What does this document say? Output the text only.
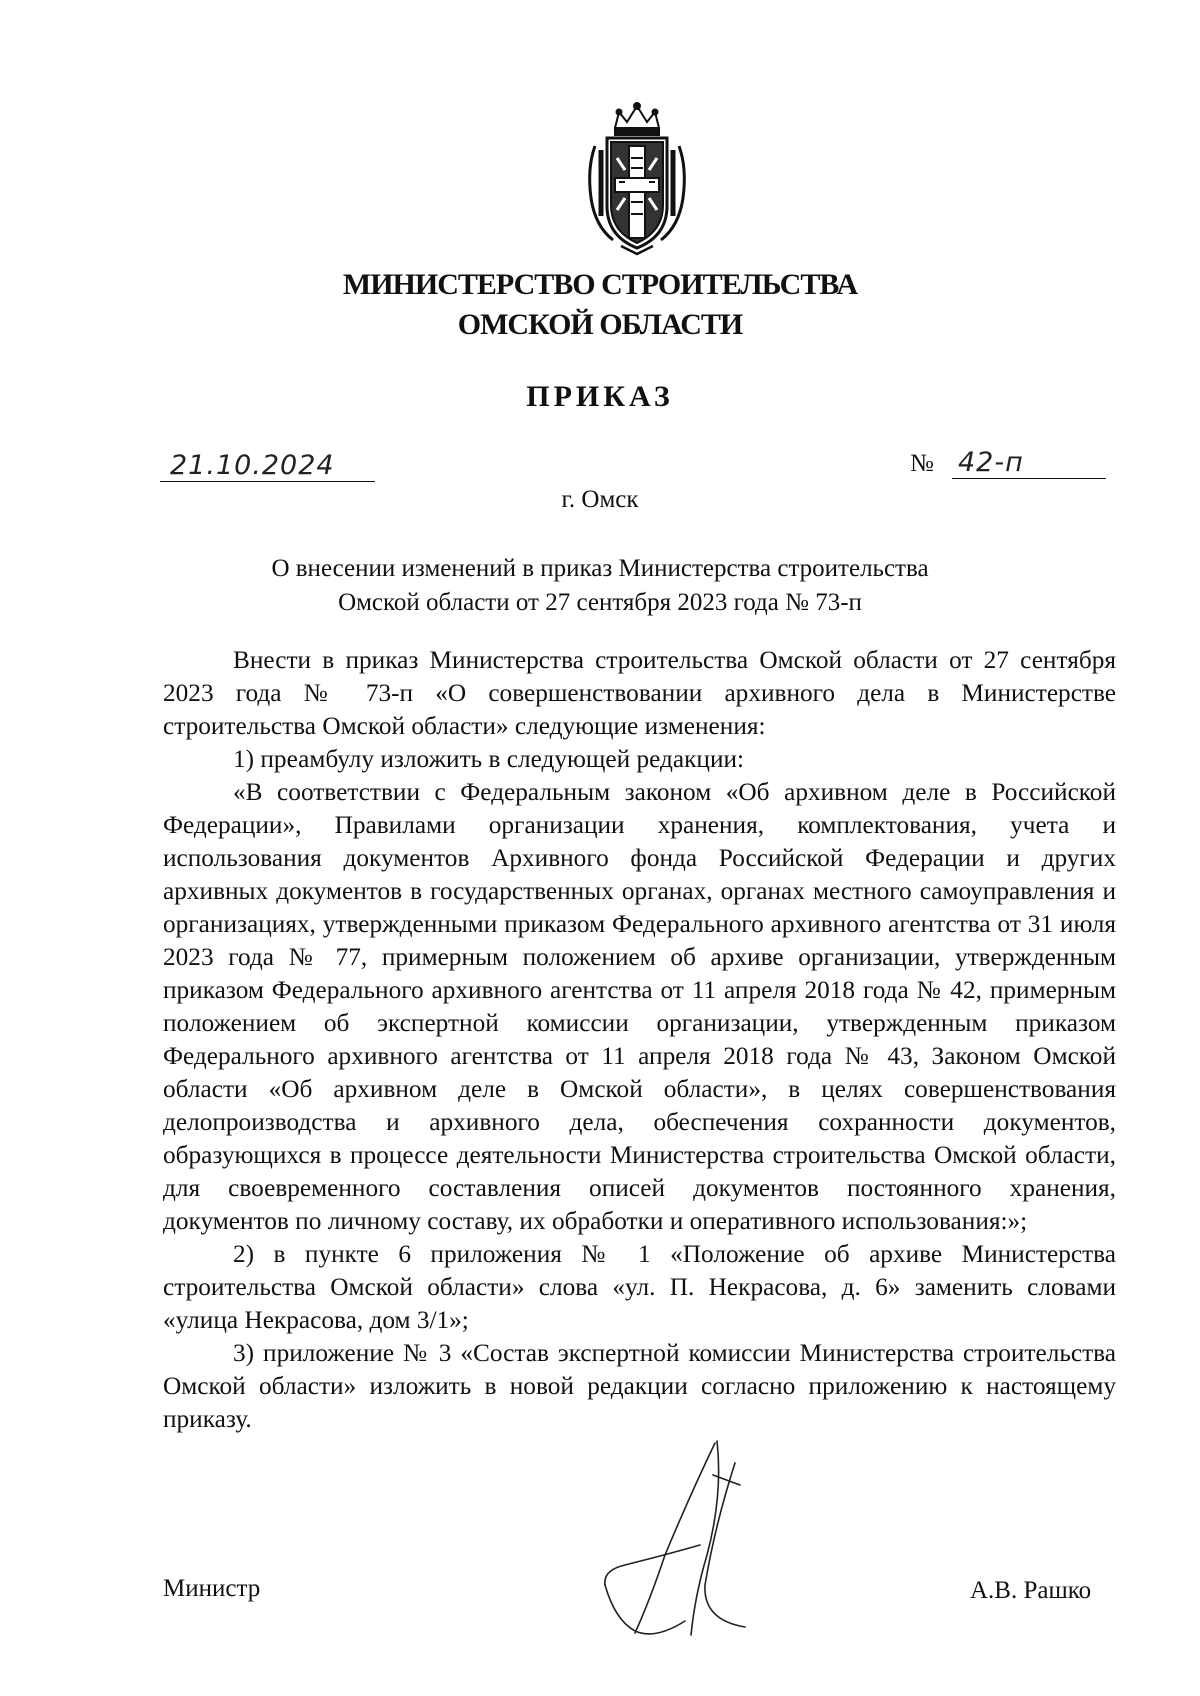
МИНИСТЕРСТВО СТРОИТЕЛЬСТВА
ОМСКОЙ ОБЛАСТИ
ПРИКАЗ
21.10.2024	№ 42-п
г. Омск
О внесении изменений в приказ Министерства строительства
Омской области от 27 сентября 2023 года № 73-п

Внести в приказ Министерства строительства Омской области от 27 сентября 2023 года № 73-п «О совершенствовании архивного дела в Министерстве строительства Омской области» следующие изменения:

1) преамбулу изложить в следующей редакции:

«В соответствии с Федеральным законом «Об архивном деле в Российской Федерации», Правилами организации хранения, комплектования, учета и использования документов Архивного фонда Российской Федерации и других архивных документов в государственных органах, органах местного самоуправления и организациях, утвержденными приказом Федерального архивного агентства от 31 июля 2023 года № 77, примерным положением об архиве организации, утвержденным приказом Федерального архивного агентства от 11 апреля 2018 года № 42, примерным положением об экспертной комиссии организации, утвержденным приказом Федерального архивного агентства от 11 апреля 2018 года № 43, Законом Омской области «Об архивном деле в Омской области», в целях совершенствования делопроизводства и архивного дела, обеспечения сохранности документов, образующихся в процессе деятельности Министерства строительства Омской области, для своевременного составления описей документов постоянного хранения, документов по личному составу, их обработки и оперативного использования:»;

2) в пункте 6 приложения № 1 «Положение об архиве Министерства строительства Омской области» слова «ул. П. Некрасова, д. 6» заменить словами «улица Некрасова, дом 3/1»;

3) приложение № 3 «Состав экспертной комиссии Министерства строительства Омской области» изложить в новой редакции согласно приложению к настоящему приказу.

Министр	А.В. Рашко
